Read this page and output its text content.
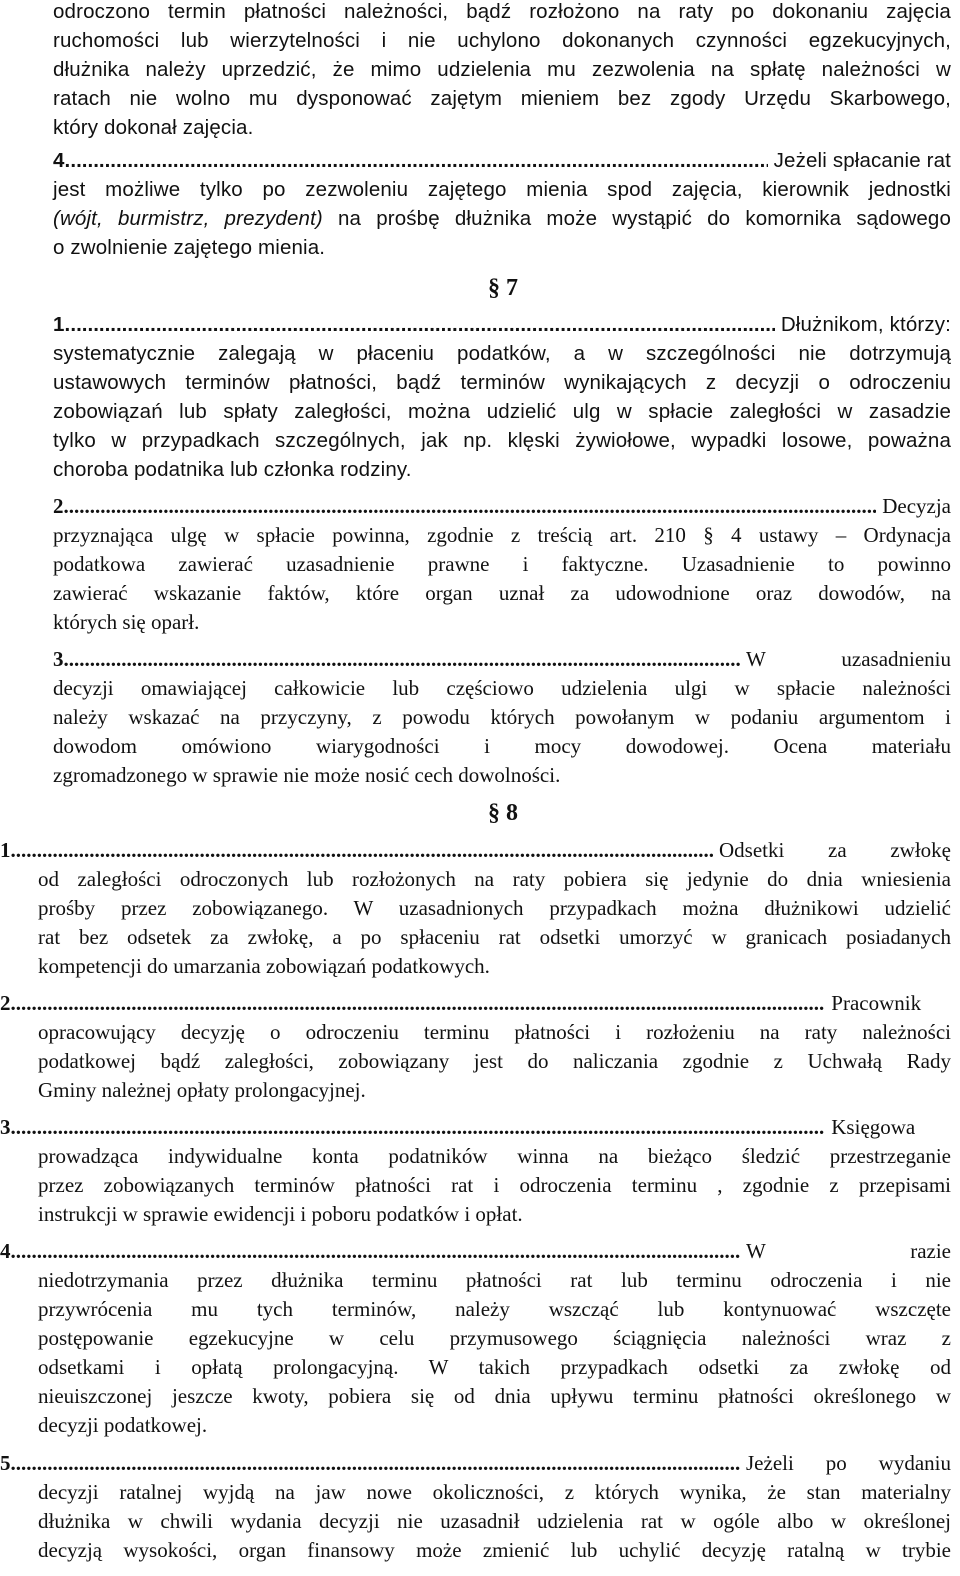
odroczono termin płatności należności, bądź rozłożono na raty po dokonaniu zajęcia
ruchomości lub wierzytelności i nie uchylono dokonanych czynności egzekucyjnych,
dłużnika należy uprzedzić, że mimo udzielenia mu zezwolenia na spłatę należności w
ratach nie wolno mu dysponować zajętym mieniem bez zgody Urzędu Skarbowego,
który dokonał zajęcia.
4. .....	Jeżeli spłacanie rat
jest możliwe tylko po zezwoleniu zajętego mienia spod zajęcia, kierownik jednostki
(wójt, burmistrz, prezydent) na prośbę dłużnika może wystąpić do komornika sądowego
o zwolnienie zajętego mienia.
§ 7
1. .....	Dłużnikom, którzy:
systematycznie zalegają w płaceniu podatków, a w szczególności nie dotrzymują
ustawowych terminów płatności, bądź terminów wynikających z decyzji o odroczeniu
zobowiązań lub spłaty zaległości, można udzielić ulg w spłacie zaległości w zasadzie
tylko w przypadkach szczególnych, jak np. klęski żywiołowe, wypadki losowe, poważna
choroba podatnika lub członka rodziny.
2. .....	Decyzja
przyznająca ulgę w spłacie powinna, zgodnie z treścią art. 210 § 4 ustawy – Ordynacja
podatkowa zawierać uzasadnienie prawne i faktyczne. Uzasadnienie to powinno
zawierać wskazanie faktów, które organ uznał za udowodnione oraz dowodów, na
których się oparł.
3. .....	W	uzasadnieniu
decyzji omawiającej całkowicie lub częściowo udzielenia ulgi w spłacie należności
należy wskazać na przyczyny, z powodu których powołanym w podaniu argumentom i
dowodom omówiono wiarygodności i mocy dowodowej. Ocena materiału
zgromadzonego w sprawie nie może nosić cech dowolności.
§ 8
1. .....	Odsetki za zwłokę
od zaległości odroczonych lub rozłożonych na raty pobiera się jedynie do dnia wniesienia
prośby przez zobowiązanego. W uzasadnionych przypadkach można dłużnikowi udzielić
rat bez odsetek za zwłokę, a po spłaceniu rat odsetki umorzyć w granicach posiadanych
kompetencji do umarzania zobowiązań podatkowych.
2. .....	Pracownik
opracowujący decyzję o odroczeniu terminu płatności i rozłożeniu na raty należności
podatkowej bądź zaległości, zobowiązany jest do naliczania zgodnie z Uchwałą Rady
Gminy należnej opłaty prolongacyjnej.
3. .....	Księgowa
prowadząca indywidualne konta podatników winna na bieżąco śledzić przestrzeganie
przez zobowiązanych terminów płatności rat i odroczenia terminu , zgodnie z przepisami
instrukcji w sprawie ewidencji i poboru podatków i opłat.
4. .....	W	razie
niedotrzymania przez dłużnika terminu płatności rat lub terminu odroczenia i nie
przywrócenia mu tych terminów, należy wszcząć lub kontynuować wszczęte
postępowanie egzekucyjne w celu przymusowego ściągnięcia należności wraz z
odsetkami i opłatą prolongacyjną. W takich przypadkach odsetki za zwłokę od
nieuiszczonej jeszcze kwoty, pobiera się od dnia upływu terminu płatności określonego w
decyzji podatkowej.
5. .....	Jeżeli po wydaniu
decyzji ratalnej wyjdą na jaw nowe okoliczności, z których wynika, że stan materialny
dłużnika w chwili wydania decyzji nie uzasadnił udzielenia rat w ogóle albo w określonej
decyzją wysokości, organ finansowy może zmienić lub uchylić decyzję ratalną w trybie
